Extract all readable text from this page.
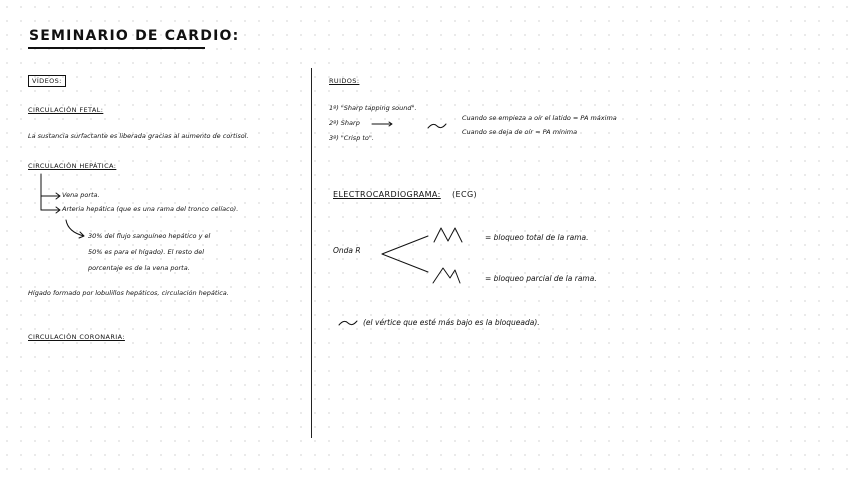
SEMINARIO DE CARDIO:
VÍDEOS:
CIRCULACIÓN FETAL:
La sustancia surfactante es liberada gracias al aumento de cortisol.
CIRCULACIÓN HEPÁTICA:
Vena porta.
Arteria hepática (que es una rama del tronco celíaco).
30% del flujo sanguíneo hepático y el
50% es para el hígado). El resto del
porcentaje es de la vena porta.
Hígado formado por lobulillos hepáticos, circulación hepática.
CIRCULACIÓN CORONARIA:
RUIDOS:
1º) "Sharp tapping sound".
2º) Sharp
3º) "Crisp to".
Cuando se empieza a oír el latido = PA máxima
Cuando se deja de oír = PA mínima
ELECTROCARDIOGRAMA: (ECG)
Onda R
= bloqueo total de la rama.
= bloqueo parcial de la rama.
(el vértice que esté más bajo es la bloqueada).
